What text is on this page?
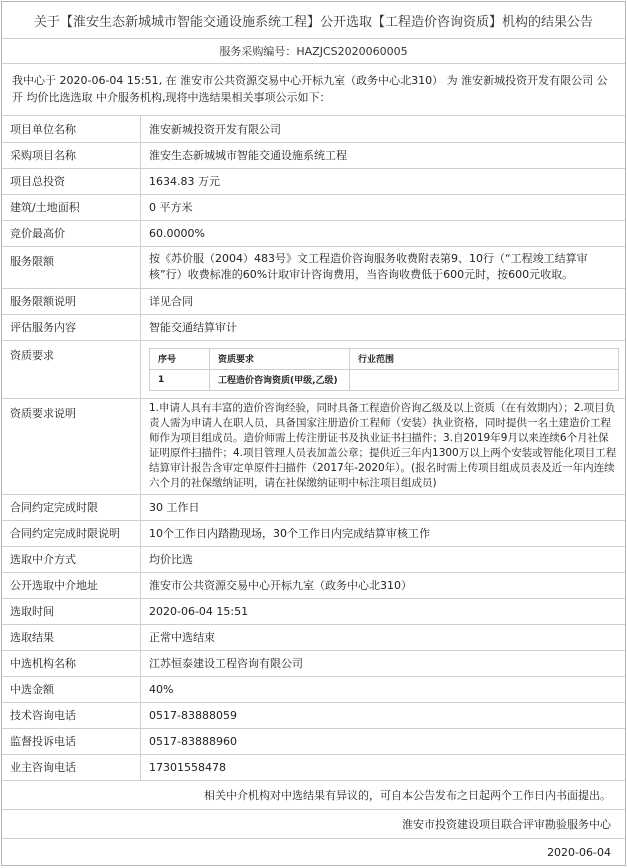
关于【淮安生态新城城市智能交通设施系统工程】公开选取【工程造价咨询资质】机构的结果公告
服务采购编号：HAZJCS2020060005
我中心于 2020-06-04 15:51, 在 淮安市公共资源交易中心开标九室（政务中心北310） 为 淮安新城投资开发有限公司 公开 均价比选选取 中介服务机构,现将中选结果相关事项公示如下：
项目单位名称	淮安新城投资开发有限公司
采购项目名称	淮安生态新城城市智能交通设施系统工程
项目总投资	1634.83 万元
建筑/土地面积	0 平方米
竞价最高价	60.0000%
服务限额	按《苏价服（2004）483号》文工程造价咨询服务收费附表第9、10行（“工程竣工结算审核”行）收费标准的60%计取审计咨询费用，当咨询收费低于600元时，按600元收取。
服务限额说明	详见合同
评估服务内容	智能交通结算审计
资质要求		序号	资质要求	行业范围
1	工程造价咨询资质(甲级,乙级)	

资质要求说明	1.申请人具有丰富的造价咨询经验，同时具备工程造价咨询乙级及以上资质（在有效期内）；2.项目负责人需为申请人在职人员，具备国家注册造价工程师（安装）执业资格，同时提供一名土建造价工程师作为项目组成员。造价师需上传注册证书及执业证书扫描件；3.自2019年9月以来连续6个月社保证明原件扫描件；4.项目管理人员表加盖公章；提供近三年内1300万以上两个安装或智能化项目工程结算审计报告含审定单原件扫描件（2017年-2020年）。(报名时需上传项目组成员表及近一年内连续六个月的社保缴纳证明，请在社保缴纳证明中标注项目组成员)
合同约定完成时限	30 工作日
合同约定完成时限说明	10个工作日内踏勘现场，30个工作日内完成结算审核工作
选取中介方式	均价比选
公开选取中介地址	淮安市公共资源交易中心开标九室（政务中心北310）
选取时间	2020-06-04 15:51
选取结果	正常中选结束
中选机构名称	江苏恒泰建设工程咨询有限公司
中选金额	40%
技术咨询电话	0517-83888059
监督投诉电话	0517-83888960
业主咨询电话	17301558478
相关中介机构对中选结果有异议的，可自本公告发布之日起两个工作日内书面提出。
淮安市投资建设项目联合评审勘验服务中心
2020-06-04
